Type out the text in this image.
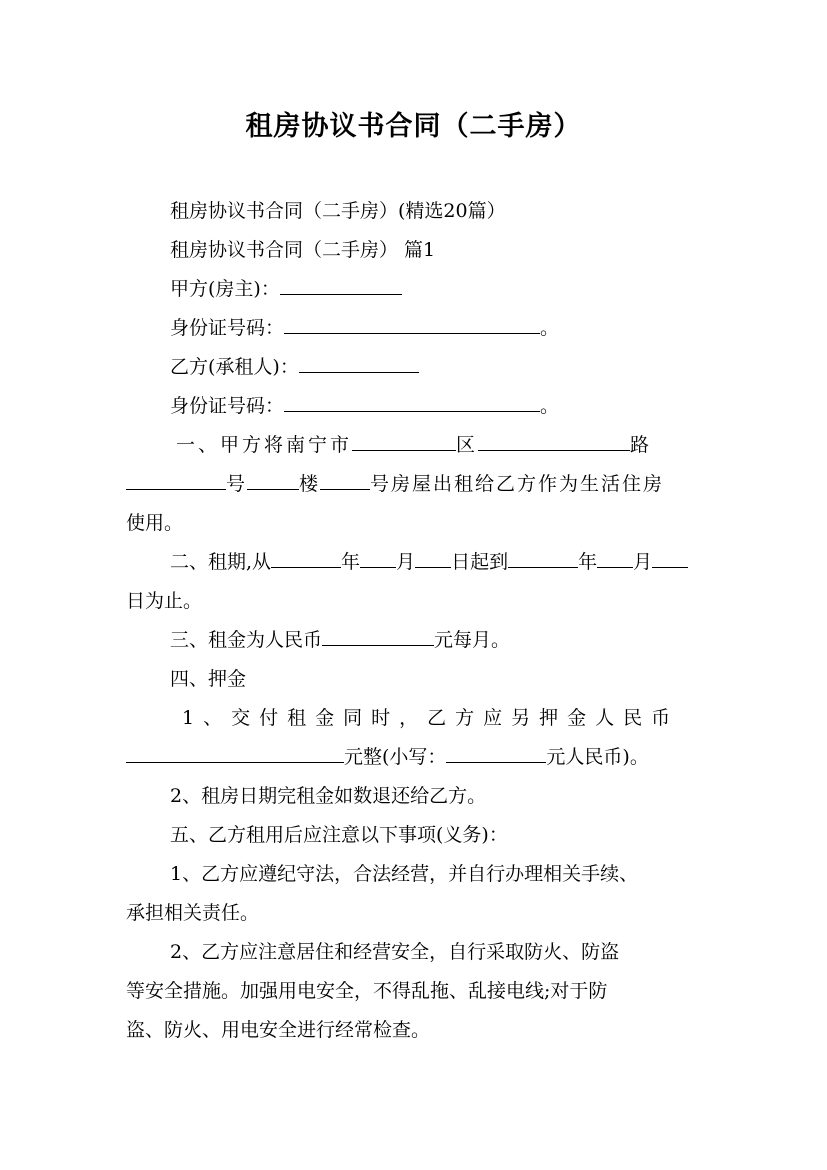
租房协议书合同（二手房）
租房协议书合同（二手房）(精选20篇）
租房协议书合同（二手房） 篇1
甲方(房主)：
身份证号码：	。
乙方(承租人)：
身份证号码：	。
一、甲方将南宁市	区	路
号	楼	号房屋出租给乙方作为生活住房
使用。
二、租期,从	年 月 日起到	年 月
日为止。
三、租金为人民币	元每月。
四、押金
1、交付租金同时，乙方应另押金人民币
元整(小写：	元人民币)。
2、租房日期完租金如数退还给乙方。
五、乙方租用后应注意以下事项(义务)：
1、乙方应遵纪守法，合法经营，并自行办理相关手续、
承担相关责任。
2、乙方应注意居住和经营安全，自行采取防火、防盗
等安全措施。加强用电安全，不得乱拖、乱接电线;对于防
盗、防火、用电安全进行经常检查。
